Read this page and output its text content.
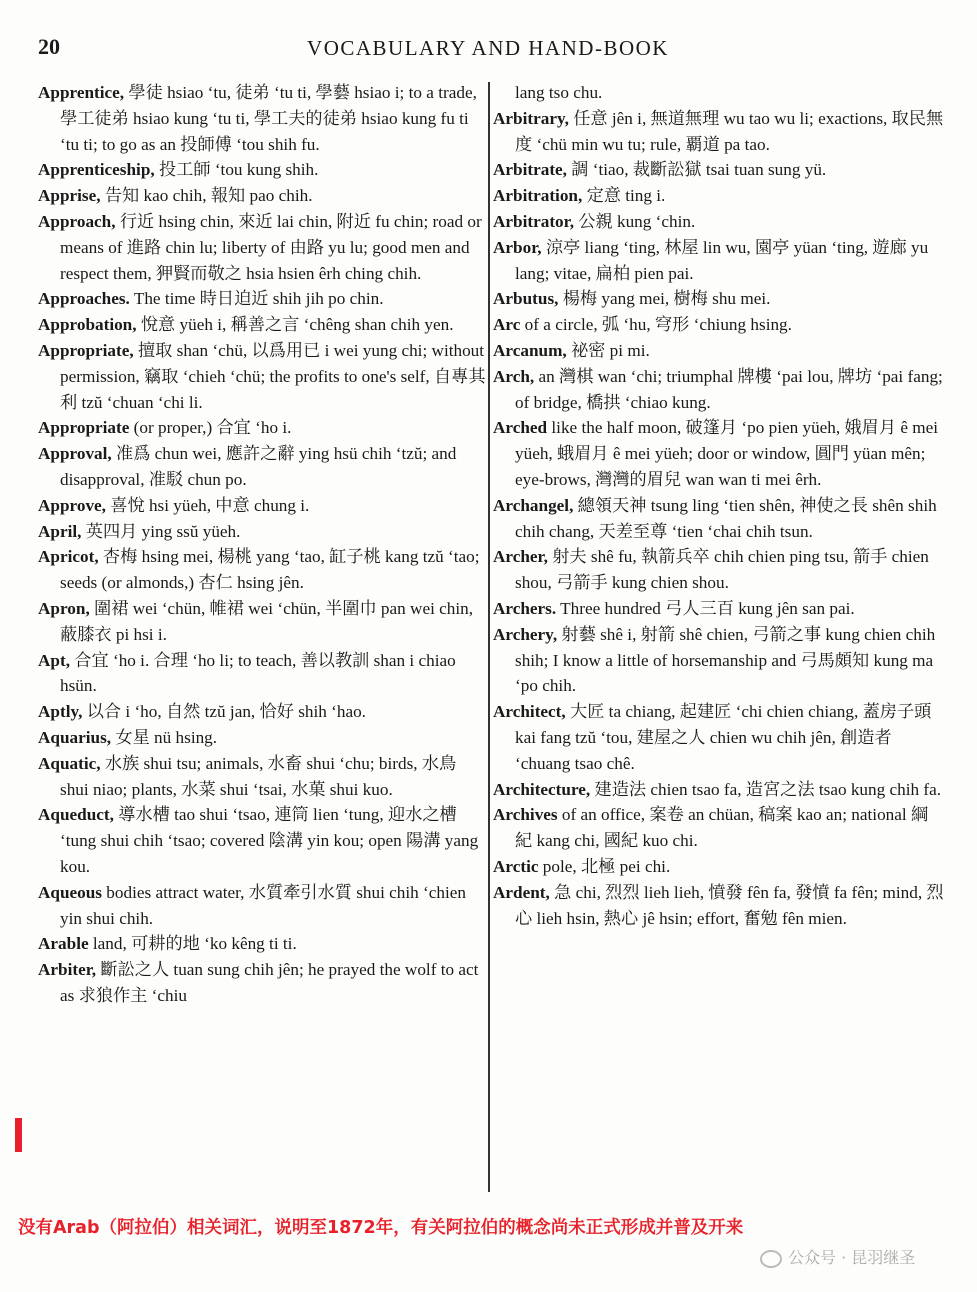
VOCABULARY AND HAND-BOOK
20

Apprentice, 學徒 hsiao ‘tu, 徒弟 ‘tu ti, 學藝 hsiao i; to a trade, 學工徒弟 hsiao kung ‘tu ti, 學工夫的徒弟 hsiao kung fu ti ‘tu ti; to go as an 投師傅 ‘tou shih fu.

Apprenticeship, 投工師 ‘tou kung shih.

Apprise, 告知 kao chih, 報知 pao chih.

Approach, 行近 hsing chin, 來近 lai chin, 附近 fu chin; road or means of 進路 chin lu; liberty of 由路 yu lu; good men and respect them, 狎賢而敬之 hsia hsien êrh ching chih.

Approaches. The time 時日迫近 shih jih po chin.

Approbation, 悅意 yüeh i, 稱善之言 ‘chêng shan chih yen.

Appropriate, 擅取 shan ‘chü, 以爲用已 i wei yung chi; without permission, 竊取 ‘chieh ‘chü; the profits to one's self, 自專其利 tzŭ ‘chuan ‘chi li.

Appropriate (or proper,) 合宜 ‘ho i.

Approval, 准爲 chun wei, 應許之辭 ying hsü chih ‘tzŭ; and disapproval, 准駁 chun po.

Approve, 喜悅 hsi yüeh, 中意 chung i.

April, 英四月 ying ssŭ yüeh.

Apricot, 杏梅 hsing mei, 楊桃 yang ‘tao, 缸子桃 kang tzŭ ‘tao; seeds (or almonds,) 杏仁 hsing jên.

Apron, 圍裙 wei ‘chün, 帷裙 wei ‘chün, 半圍巾 pan wei chin, 蔽膝衣 pi hsi i.

Apt, 合宜 ‘ho i. 合理 ‘ho li; to teach, 善以教訓 shan i chiao hsün.

Aptly, 以合 i ‘ho, 自然 tzŭ jan, 恰好 shih ‘hao.

Aquarius, 女星 nü hsing.

Aquatic, 水族 shui tsu; animals, 水畜 shui ‘chu; birds, 水鳥 shui niao; plants, 水菜 shui ‘tsai, 水菓 shui kuo.

Aqueduct, 導水槽 tao shui ‘tsao, 連筒 lien ‘tung, 迎水之槽 ‘tung shui chih ‘tsao; covered 陰溝 yin kou; open 陽溝 yang kou.

Aqueous bodies attract water, 水質牽引水質 shui chih ‘chien yin shui chih.

Arable land, 可耕的地 ‘ko kêng ti ti.

Arbiter, 斷訟之人 tuan sung chih jên; he prayed the wolf to act as 求狼作主 ‘chiu

lang tso chu.

Arbitrary, 任意 jên i, 無道無理 wu tao wu li; exactions, 取民無度 ‘chü min wu tu; rule, 覇道 pa tao.

Arbitrate, 調 ‘tiao, 裁斷訟獄 tsai tuan sung yü.

Arbitration, 定意 ting i.

Arbitrator, 公親 kung ‘chin.

Arbor, 涼亭 liang ‘ting, 林屋 lin wu, 園亭 yüan ‘ting, 遊廊 yu lang; vitae, 扁柏 pien pai.

Arbutus, 楊梅 yang mei, 樹梅 shu mei.

Arc of a circle, 弧 ‘hu, 穹形 ‘chiung hsing.

Arcanum, 祕密 pi mi.

Arch, an 灣棋 wan ‘chi; triumphal 牌樓 ‘pai lou, 牌坊 ‘pai fang; of bridge, 橋拱 ‘chiao kung.

Arched like the half moon, 破篷月 ‘po pien yüeh, 娥眉月 ê mei yüeh, 蛾眉月 ê mei yüeh; door or window, 圓門 yüan mên; eye-brows, 灣灣的眉兒 wan wan ti mei êrh.

Archangel, 總領天神 tsung ling ‘tien shên, 神使之長 shên shih chih chang, 天差至尊 ‘tien ‘chai chih tsun.

Archer, 射夫 shê fu, 執箭兵卒 chih chien ping tsu, 箭手 chien shou, 弓箭手 kung chien shou.

Archers. Three hundred 弓人三百 kung jên san pai.

Archery, 射藝 shê i, 射箭 shê chien, 弓箭之事 kung chien chih shih; I know a little of horsemanship and 弓馬頗知 kung ma ‘po chih.

Architect, 大匠 ta chiang, 起建匠 ‘chi chien chiang, 蓋房子頭 kai fang tzŭ ‘tou, 建屋之人 chien wu chih jên, 創造者 ‘chuang tsao chê.

Architecture, 建造法 chien tsao fa, 造宮之法 tsao kung chih fa.

Archives of an office, 案卷 an chüan, 稿案 kao an; national 綱紀 kang chi, 國紀 kuo chi.

Arctic pole, 北極 pei chi.

Ardent, 急 chi, 烈烈 lieh lieh, 憤發 fên fa, 發憤 fa fên; mind, 烈心 lieh hsin, 熱心 jê hsin; effort, 奮勉 fên mien.

没有Arab（阿拉伯）相关词汇，说明至1872年，有关阿拉伯的概念尚未正式形成并普及开来
公众号 · 昆羽继圣
